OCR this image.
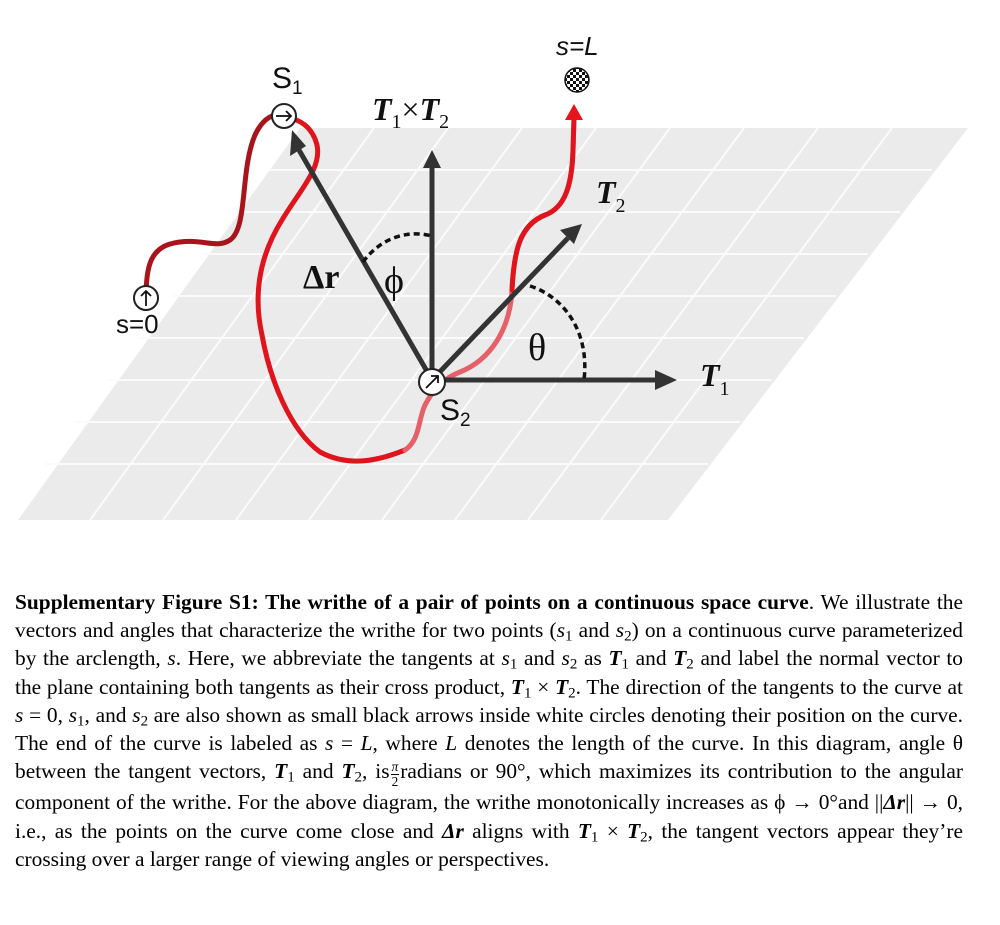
$S_1$
s=0
s=L
$S_2$
$T_1\times T_2$
$T_2$
$T_1$
Δr ϕ
θ

Supplementary Figure S1: The writhe of a pair of points on a continuous space curve. We illustrate the vectors and angles that characterize the writhe for two points ($s_1$ and $s_2$) on a continuous curve parameterized by the arclength, s. Here, we abbreviate the tangents at $s_1$ and $s_2$ as $T_1$ and $T_2$ and label the normal vector to the plane containing both tangents as their cross product, $T_1 \times T_2$. The direction of the tangents to the curve at s = 0, $s_1$, and $s_2$ are also shown as small black arrows inside white circles denoting their position on the curve. The end of the curve is labeled as s = L, where L denotes the length of the curve. In this diagram, angle θ between the tangent vectors, $T_1$ and $T_2$, is $\frac{\pi}{2}$ radians or 90°, which maximizes its contribution to the angular component of the writhe. For the above diagram, the writhe monotonically increases as ϕ → 0°and ||Δr|| → 0, i.e., as the points on the curve come close and Δr aligns with $T_1 \times T_2$, the tangent vectors appear they’re crossing over a larger range of viewing angles or perspectives.
